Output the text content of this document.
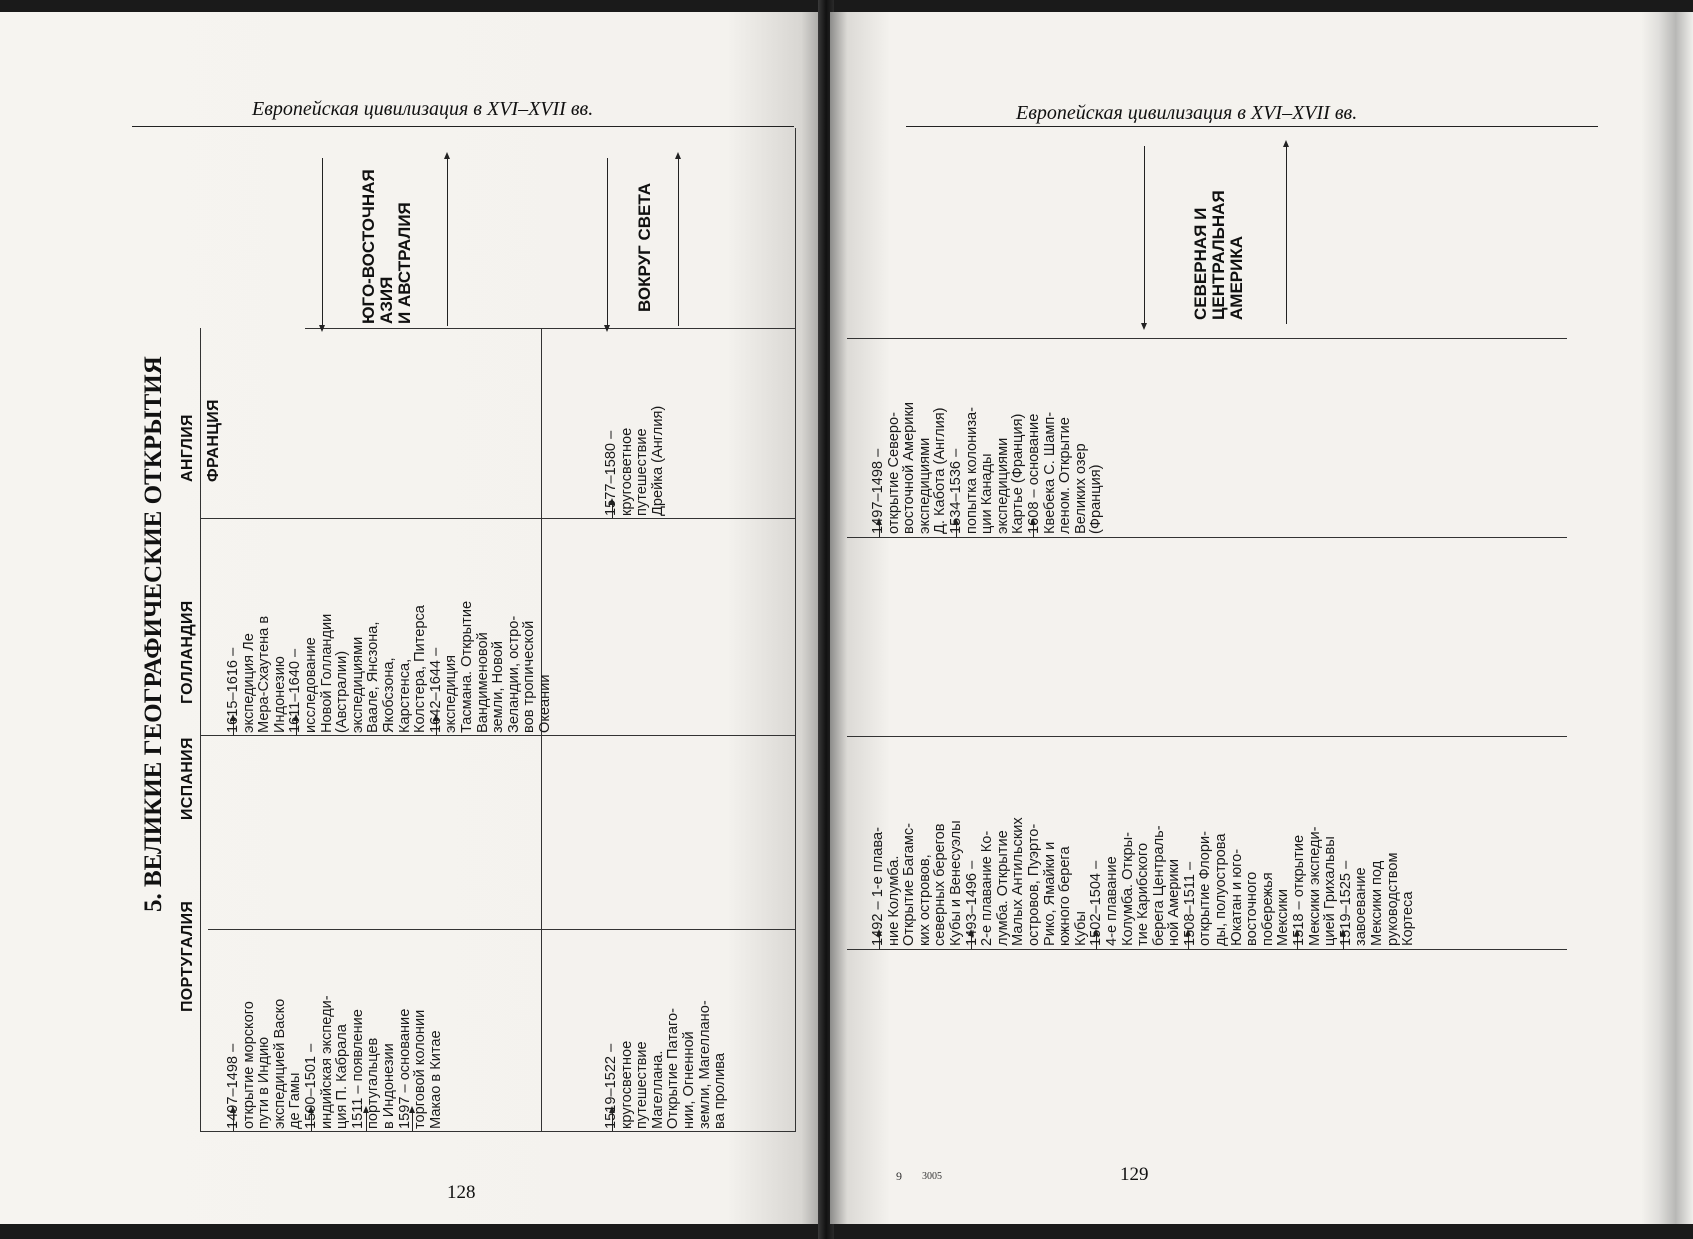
Европейская цивилизация в XVI–XVII вв.
5. ВЕЛИКИЕ ГЕОГРАФИЧЕСКИЕ ОТКРЫТИЯ
ПОРТУГАЛИЯ
ИСПАНИЯ
ГОЛЛАНДИЯ
АНГЛИЯ ФРАНЦИЯ
ЮГО-ВОСТОЧНАЯ АЗИЯ И АВСТРАЛИЯ	ВОКРУГ СВЕТА
1497–1498 – открытие морского пути в Индию экспедицией Васко де Гамы 1500–1501 – индийская экспеди- ция П. Кабрала 1511 – появление португальцев в Индонезии 1597 – основание торговой колонии Макао в Китае
1615–1616 – экспедиция Ле Мера-Схаутена в Индонезию 1611–1640 – исследование Новой Голландии (Австралии) экспедициями Ваале, Янсзона, Якобсзона, Карстенса, Колстера, Питерса 1642–1644 – экспедиция Тасмана. Открытие Вандименовой земли, Новой Зеландии, остро- вов тропической Океании
1519–1522 – кругосветное путешествие Магеллана. Открытие Патаго- нии, Огненной земли, Магеллано- ва пролива
1577–1580 – кругосветное путешествие Дрейка (Англия)
128
Европейская цивилизация в XVI–XVII вв.
СЕВЕРНАЯ И ЦЕНТРАЛЬНАЯ АМЕРИКА
1492 – 1-е плава- ние Колумба. Открытие Багамс- ких островов, северных берегов Кубы и Венесуэлы 1493–1496 – 2-е плавание Ко- лумба. Открытие Малых Антильских островов, Пуэрто- Рико, Ямайки и южного берега Кубы 1502–1504 – 4-е плавание Колумба. Откры- тие Карибского берега Централь- ной Америки 1508–1511 – открытие Флори- ды, полуострова Юкатан и юго- восточного побережья Мексики 1518 – открытие Мексики экспеди- цией Грихальвы 1519–1525 – завоевание Мексики под руководством Кортеса
1497–1498 – открытие Северо- восточной Америки экспедициями Д. Кабота (Англия) 1534–1536 – попытка колониза- ции Канады экспедициями Картье (Франция) 1608 – основание Квебека С. Шамп- леном. Открытие Великих озер (Франция)
9 3005	129
